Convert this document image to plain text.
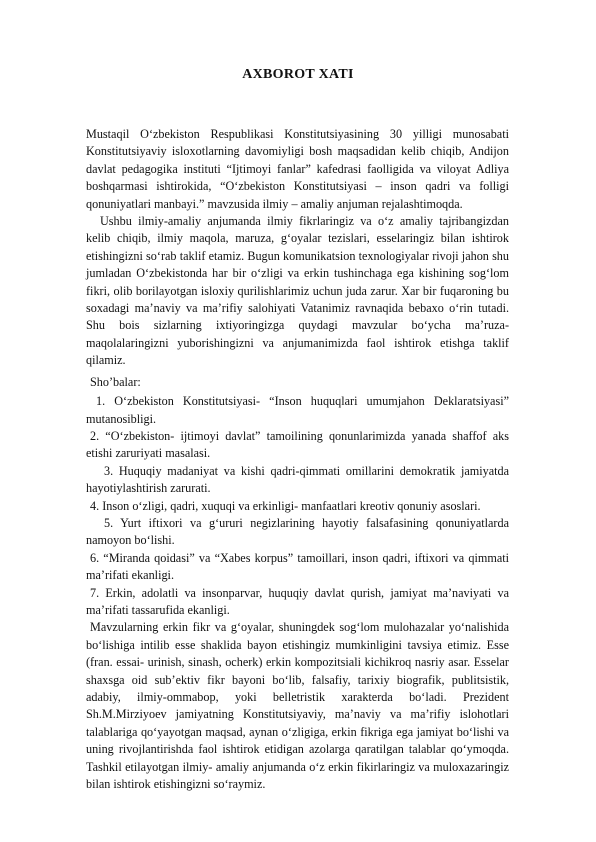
AXBOROT XATI

Mustaqil O‘zbekiston Respublikasi Konstitutsiyasining 30 yilligi munosabati Konstitutsiyaviy isloxotlarning davomiyligi bosh maqsadidan kelib chiqib, Andijon davlat pedagogika instituti “Ijtimoyi fanlar” kafedrasi faolligida va viloyat Adliya boshqarmasi ishtirokida, “O‘zbekiston Konstitutsiyasi – inson qadri va folligi qonuniyatlari manbayi.” mavzusida ilmiy – amaliy anjuman rejalashtimoqda.

Ushbu ilmiy-amaliy anjumanda ilmiy fikrlaringiz va o‘z amaliy tajribangizdan kelib chiqib, ilmiy maqola, maruza, g‘oyalar tezislari, esselaringiz bilan ishtirok etishingizni so‘rab taklif etamiz. Bugun komunikatsion texnologiyalar rivoji jahon shu jumladan O‘zbekistonda har bir o‘zligi va erkin tushinchaga ega kishining sog‘lom fikri, olib borilayotgan isloxiy qurilishlarimiz uchun juda zarur. Xar bir fuqaroning bu soxadagi ma’naviy va ma’rifiy salohiyati Vatanimiz ravnaqida bebaxo o‘rin tutadi. Shu bois sizlarning ixtiyoringizga quydagi mavzular bo‘ycha ma’ruza-maqolalaringizni yuborishingizni va anjumanimizda faol ishtirok etishga taklif qilamiz.

Sho’balar:

1. O‘zbekiston Konstitutsiyasi- “Inson huquqlari umumjahon Deklaratsiyasi” mutanosibligi.

2. “O‘zbekiston- ijtimoyi davlat” tamoilining qonunlarimizda yanada shaffof aks etishi zaruriyati masalasi.

3. Huquqiy madaniyat va kishi qadri-qimmati omillarini demokratik jamiyatda hayotiylashtirish zarurati.

4. Inson o‘zligi, qadri, xuquqi va erkinligi- manfaatlari kreotiv qonuniy asoslari.

5. Yurt iftixori va g‘ururi negizlarining hayotiy falsafasining qonuniyatlarda namoyon bo‘lishi.

6. “Miranda qoidasi” va “Xabes korpus” tamoillari, inson qadri, iftixori va qimmati ma’rifati ekanligi.

7. Erkin, adolatli va insonparvar, huquqiy davlat qurish, jamiyat ma’naviyati va ma’rifati tassarufida ekanligi.

Mavzularning erkin fikr va g‘oyalar, shuningdek sog‘lom mulohazalar yo‘nalishida bo‘lishiga intilib esse shaklida bayon etishingiz mumkinligini tavsiya etimiz. Esse (fran. essai- urinish, sinash, ocherk) erkin kompozitsiali kichikroq nasriy asar. Esselar shaxsga oid sub’ektiv fikr bayoni bo‘lib, falsafiy, tarixiy biografik, publitsistik, adabiy, ilmiy-ommabop, yoki belletristik xarakterda bo‘ladi. Prezident Sh.M.Mirziyoev jamiyatning Konstitutsiyaviy, ma’naviy va ma’rifiy islohotlari talablariga qo‘yayotgan maqsad, aynan o‘zligiga, erkin fikriga ega jamiyat bo‘lishi va uning rivojlantirishda faol ishtirok etidigan azolarga qaratilgan talablar qo‘ymoqda. Tashkil etilayotgan ilmiy- amaliy anjumanda o‘z erkin fikirlaringiz va muloxazaringiz bilan ishtirok etishingizni so‘raymiz.
